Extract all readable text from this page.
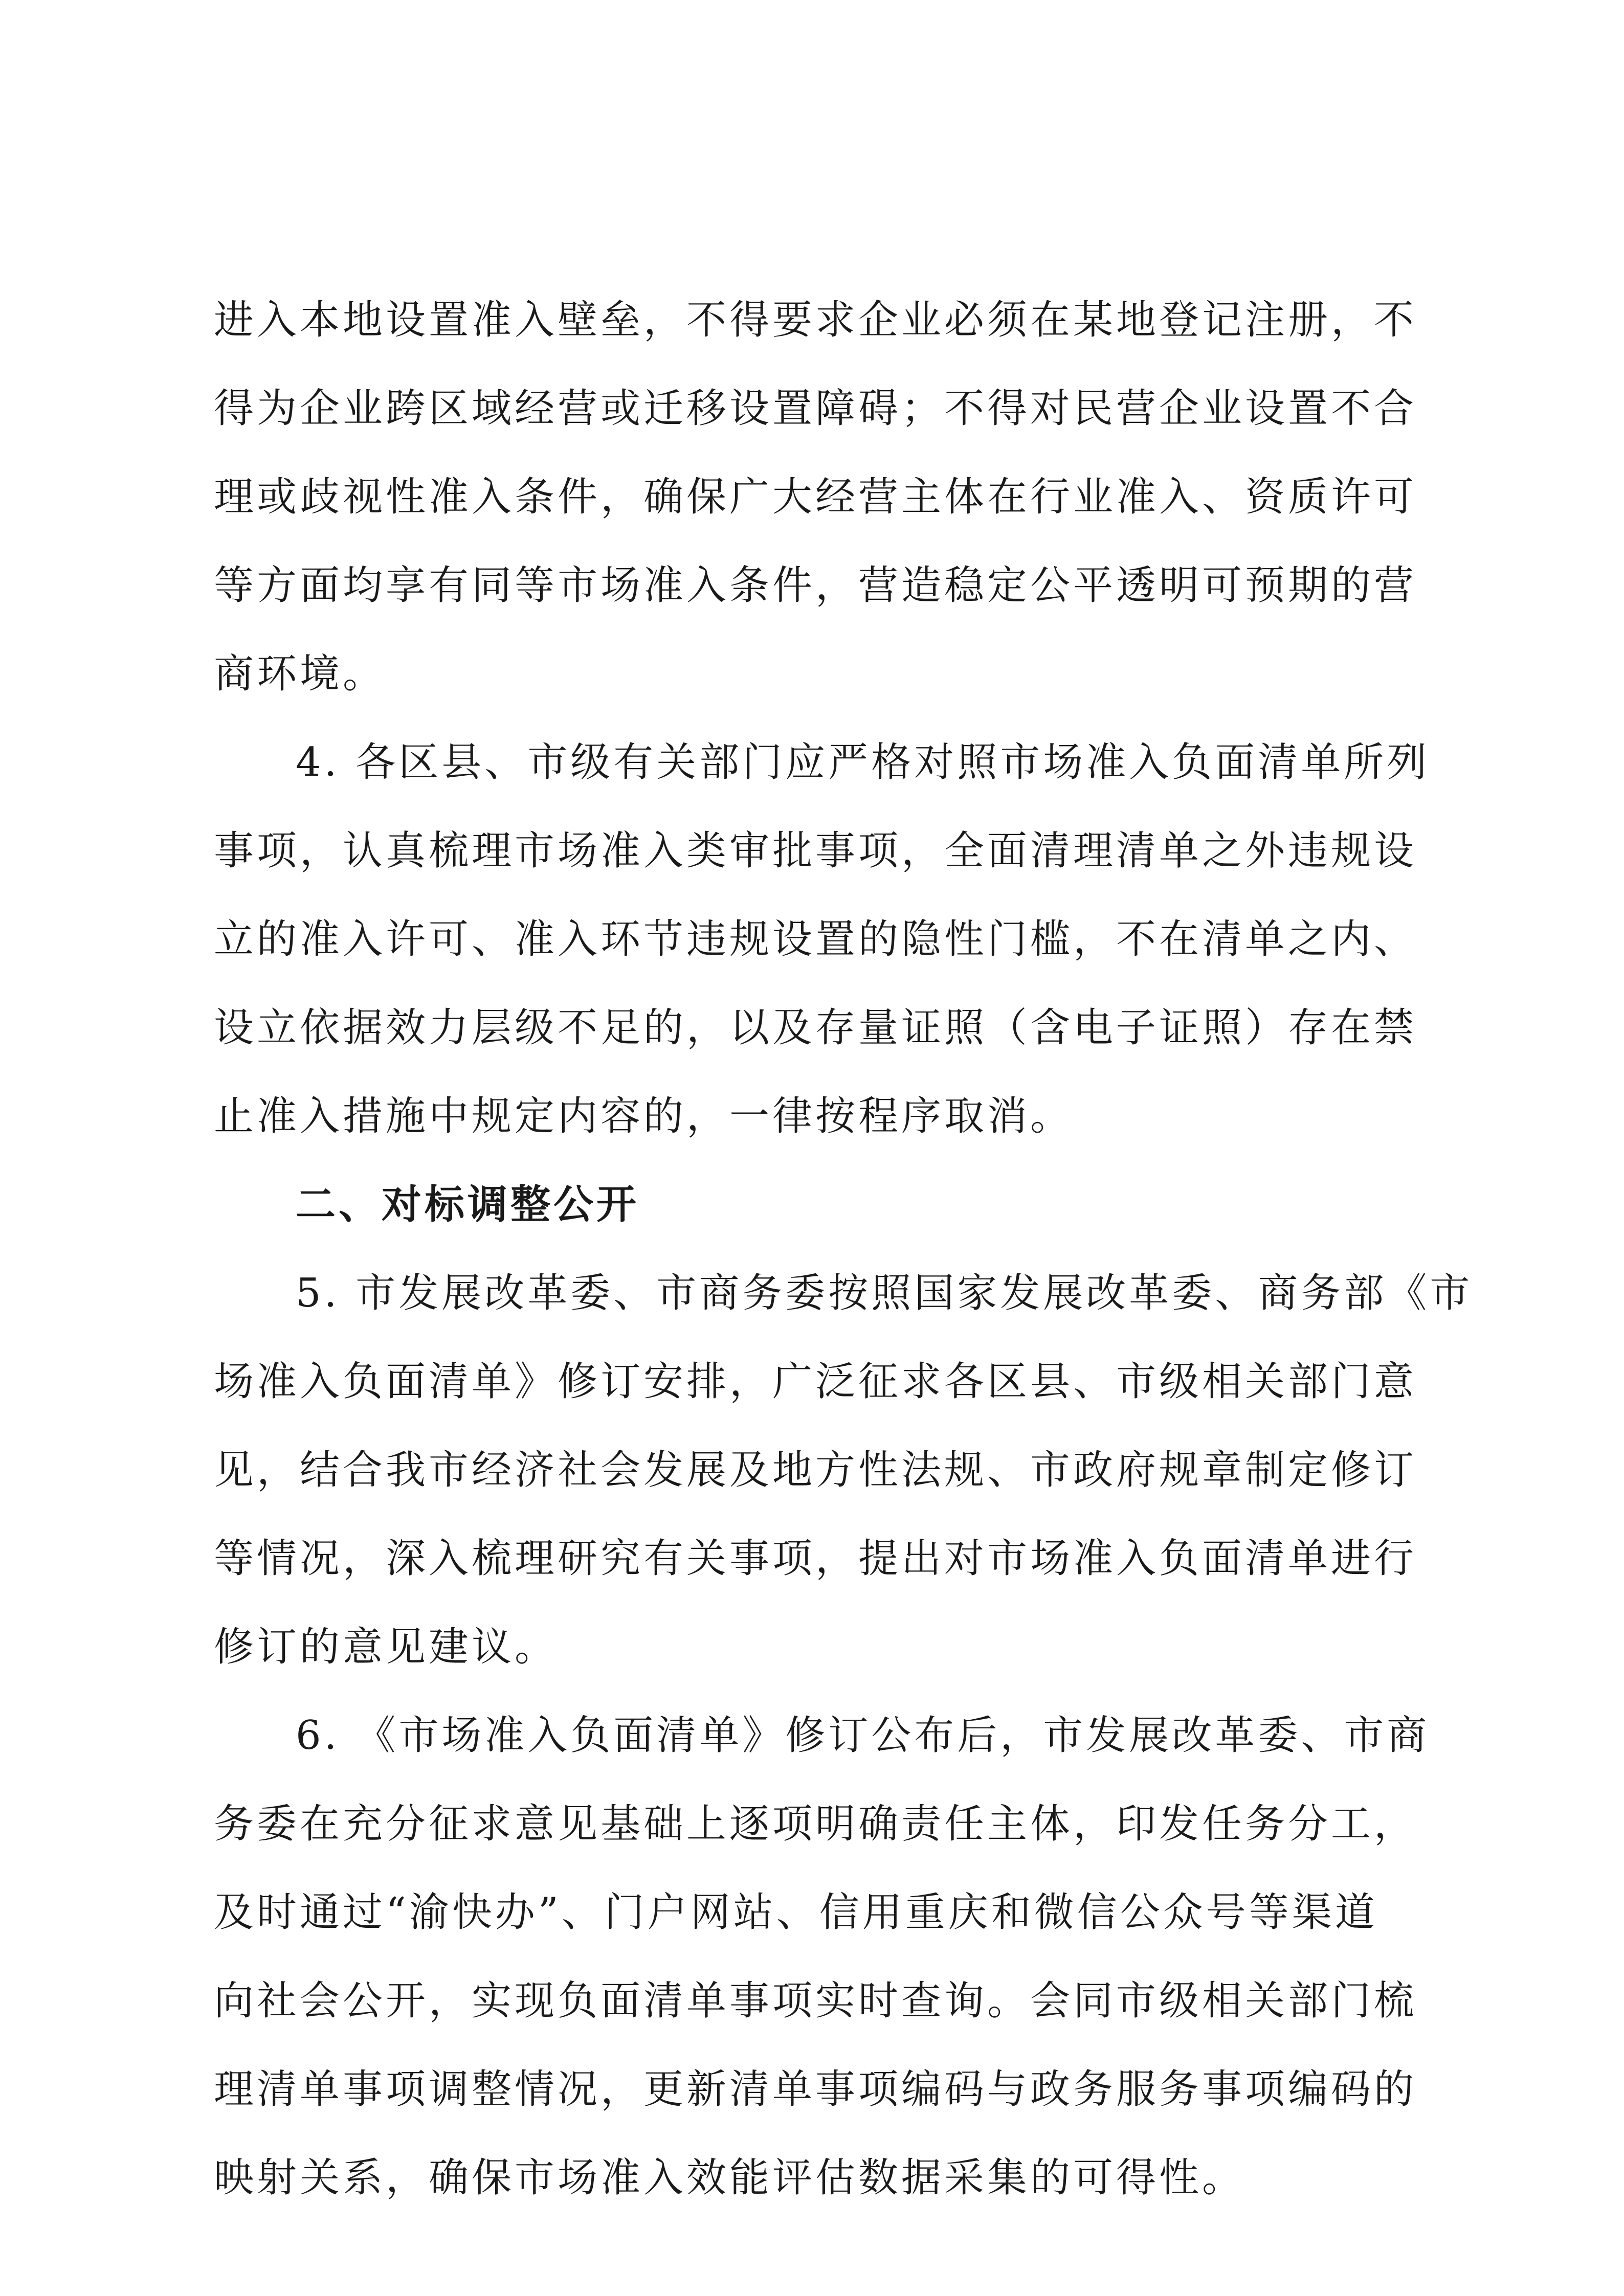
进入本地设置准入壁垒，不得要求企业必须在某地登记注册，不
得为企业跨区域经营或迁移设置障碍；不得对民营企业设置不合
理或歧视性准入条件，确保广大经营主体在行业准入、资质许可
等方面均享有同等市场准入条件，营造稳定公平透明可预期的营
商环境。
4. 各区县、市级有关部门应严格对照市场准入负面清单所列
事项，认真梳理市场准入类审批事项，全面清理清单之外违规设
立的准入许可、准入环节违规设置的隐性门槛，不在清单之内、
设立依据效力层级不足的，以及存量证照（含电子证照）存在禁
止准入措施中规定内容的，一律按程序取消。
二、对标调整公开
5. 市发展改革委、市商务委按照国家发展改革委、商务部《市
场准入负面清单》修订安排，广泛征求各区县、市级相关部门意
见，结合我市经济社会发展及地方性法规、市政府规章制定修订
等情况，深入梳理研究有关事项，提出对市场准入负面清单进行
修订的意见建议。
6. 《市场准入负面清单》修订公布后，市发展改革委、市商
务委在充分征求意见基础上逐项明确责任主体，印发任务分工，
及时通过“渝快办”、门户网站、信用重庆和微信公众号等渠道
向社会公开，实现负面清单事项实时查询。会同市级相关部门梳
理清单事项调整情况，更新清单事项编码与政务服务事项编码的
映射关系，确保市场准入效能评估数据采集的可得性。
